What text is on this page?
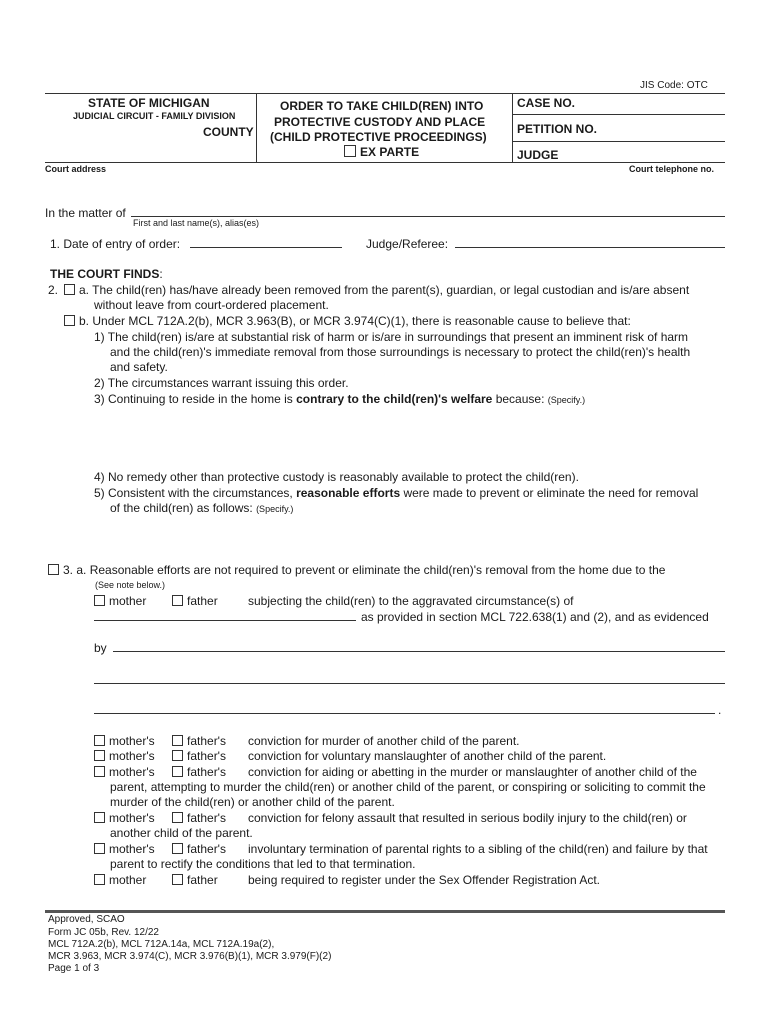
JIS Code: OTC
STATE OF MICHIGAN
JUDICIAL CIRCUIT - FAMILY DIVISION
COUNTY
ORDER TO TAKE CHILD(REN) INTO
PROTECTIVE CUSTODY AND PLACE
(CHILD PROTECTIVE PROCEEDINGS)
EX PARTE
CASE NO.
PETITION NO.
JUDGE
Court address	Court telephone no.
In the matter of
First and last name(s), alias(es)
1. Date of entry of order:	Judge/Referee:
THE COURT FINDS:
2.	a. The child(ren) has/have already been removed from the parent(s), guardian, or legal custodian and is/are absent
without leave from court-ordered placement.
b. Under MCL 712A.2(b), MCR 3.963(B), or MCR 3.974(C)(1), there is reasonable cause to believe that:
1) The child(ren) is/are at substantial risk of harm or is/are in surroundings that present an imminent risk of harm
and the child(ren)'s immediate removal from those surroundings is necessary to protect the child(ren)'s health
and safety.
2) The circumstances warrant issuing this order.
3) Continuing to reside in the home is contrary to the child(ren)'s welfare because: (Specify.)
4) No remedy other than protective custody is reasonably available to protect the child(ren).
5) Consistent with the circumstances, reasonable efforts were made to prevent or eliminate the need for removal
of the child(ren) as follows: (Specify.)
3. a. Reasonable efforts are not required to prevent or eliminate the child(ren)'s removal from the home due to the
(See note below.)
mother	father	subjecting the child(ren) to the aggravated circumstance(s) of
as provided in section MCL 722.638(1) and (2), and as evidenced
by
.
mother's	father's conviction for murder of another child of the parent.
mother's	father's conviction for voluntary manslaughter of another child of the parent.
mother's	father's conviction for aiding or abetting in the murder or manslaughter of another child of the
parent, attempting to murder the child(ren) or another child of the parent, or conspiring or soliciting to commit the
murder of the child(ren) or another child of the parent.
mother's	father's conviction for felony assault that resulted in serious bodily injury to the child(ren) or
another child of the parent.
mother's	father's involuntary termination of parental rights to a sibling of the child(ren) and failure by that
parent to rectify the conditions that led to that termination.
mother	father	being required to register under the Sex Offender Registration Act.
Approved, SCAO
Form JC 05b, Rev. 12/22
MCL 712A.2(b), MCL 712A.14a, MCL 712A.19a(2),
MCR 3.963, MCR 3.974(C), MCR 3.976(B)(1), MCR 3.979(F)(2)
Page 1 of 3
